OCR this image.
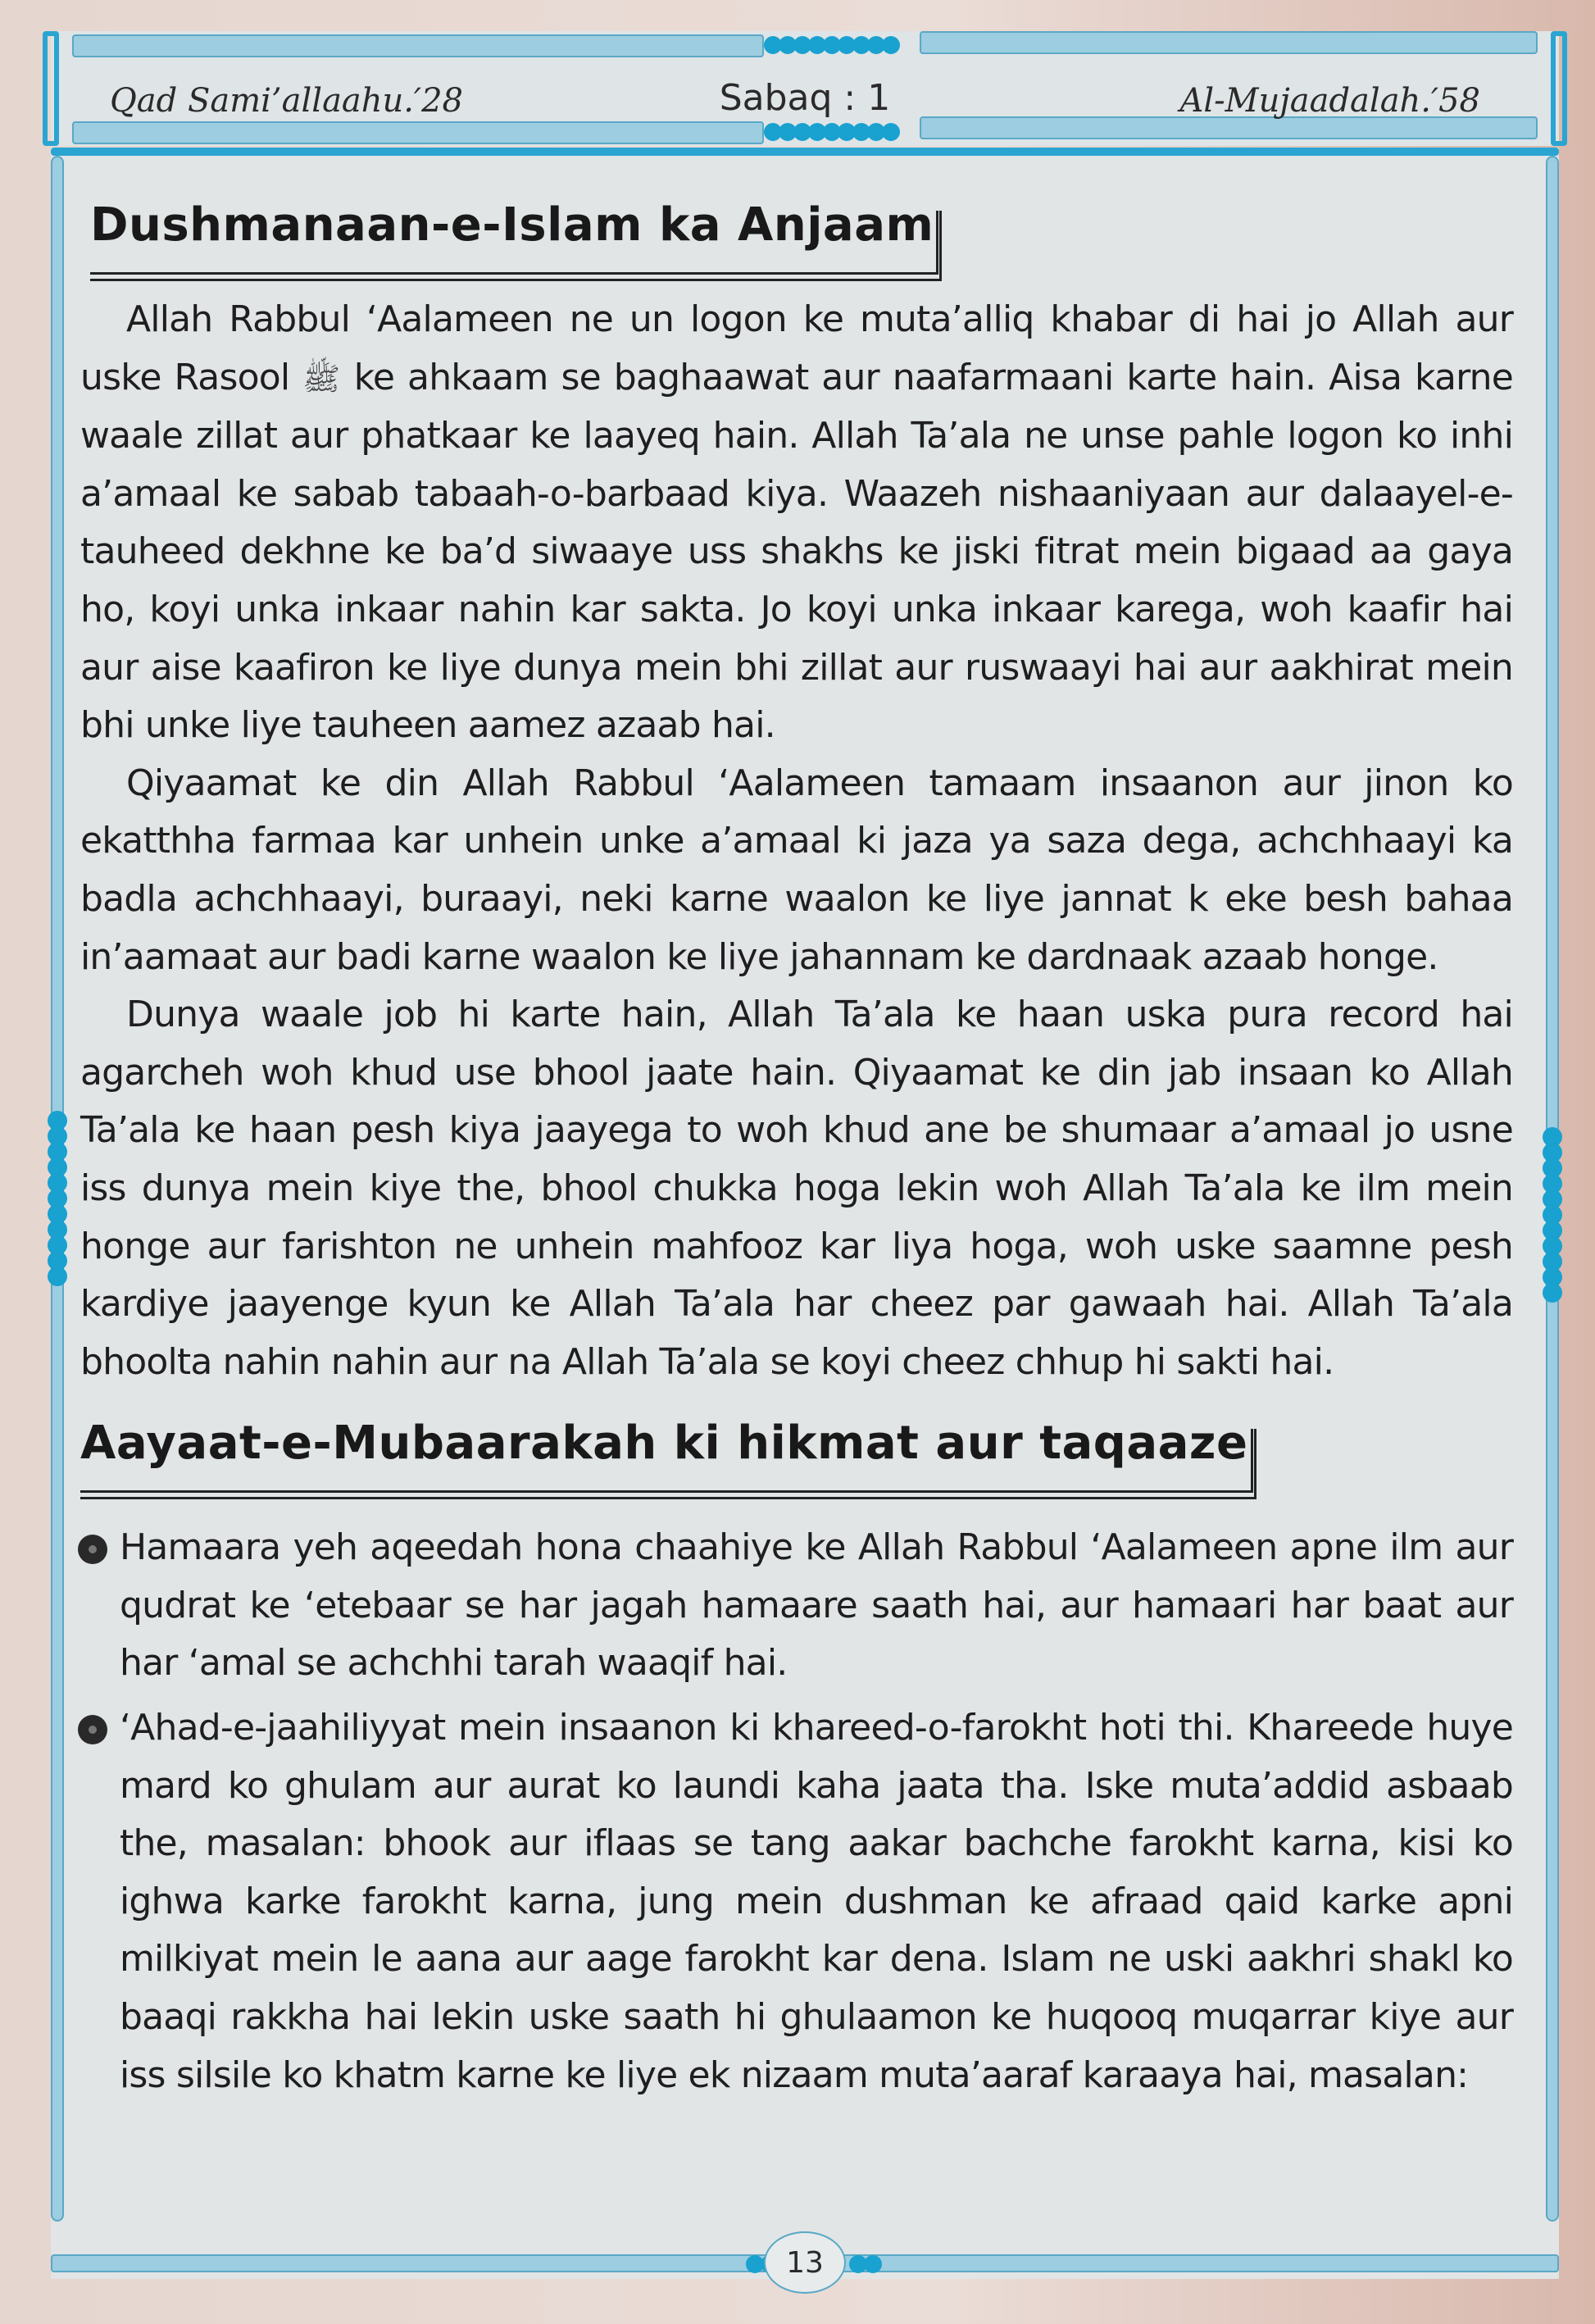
Qad Sami’allaahu.′28	Sabaq : 1	Al-Mujaadalah.′58
13
Dushmanaan-e-Islam ka Anjaam

Allah Rabbul ‘Aalameen ne un logon ke muta’alliq khabar di hai jo Allah aur uske Rasool ﷺ ke ahkaam se baghaawat aur naafarmaani karte hain. Aisa karne waale zillat aur phatkaar ke laayeq hain. Allah Ta’ala ne unse pahle logon ko inhi a’amaal ke sabab tabaah-o-barbaad kiya. Waazeh nishaaniyaan aur dalaayel-e-tauheed dekhne ke ba’d siwaaye uss shakhs ke jiski fitrat mein bigaad aa gaya ho, koyi unka inkaar nahin kar sakta. Jo koyi unka inkaar karega, woh kaafir hai aur aise kaafiron ke liye dunya mein bhi zillat aur ruswaayi hai aur aakhirat mein bhi unke liye tauheen aamez azaab hai.

Qiyaamat ke din Allah Rabbul ‘Aalameen tamaam insaanon aur jinon ko ekatthha farmaa kar unhein unke a’amaal ki jaza ya saza dega, achchhaayi ka badla achchhaayi, buraayi, neki karne waalon ke liye jannat k eke besh bahaa in’aamaat aur badi karne waalon ke liye jahannam ke dardnaak azaab honge.

Dunya waale job hi karte hain, Allah Ta’ala ke haan uska pura record hai agarcheh woh khud use bhool jaate hain. Qiyaamat ke din jab insaan ko Allah Ta’ala ke haan pesh kiya jaayega to woh khud ane be shumaar a’amaal jo usne iss dunya mein kiye the, bhool chukka hoga lekin woh Allah Ta’ala ke ilm mein honge aur farishton ne unhein mahfooz kar liya hoga, woh uske saamne pesh kardiye jaayenge kyun ke Allah Ta’ala har cheez par gawaah hai. Allah Ta’ala bhoolta nahin nahin aur na Allah Ta’ala se koyi cheez chhup hi sakti hai.

Aayaat-e-Mubaarakah ki hikmat aur taqaaze
Hamaara yeh aqeedah hona chaahiye ke Allah Rabbul ‘Aalameen apne ilm aur qudrat ke ‘etebaar se har jagah hamaare saath hai, aur hamaari har baat aur har ‘amal se achchhi tarah waaqif hai.
‘Ahad-e-jaahiliyyat mein insaanon ki khareed-o-farokht hoti thi. Khareede huye mard ko ghulam aur aurat ko laundi kaha jaata tha. Iske muta’addid asbaab the, masalan: bhook aur iflaas se tang aakar bachche farokht karna, kisi ko ighwa karke farokht karna, jung mein dushman ke afraad qaid karke apni milkiyat mein le aana aur aage farokht kar dena. Islam ne uski aakhri shakl ko baaqi rakkha hai lekin uske saath hi ghulaamon ke huqooq muqarrar kiye aur iss silsile ko khatm karne ke liye ek nizaam muta’aaraf karaaya hai, masalan:
